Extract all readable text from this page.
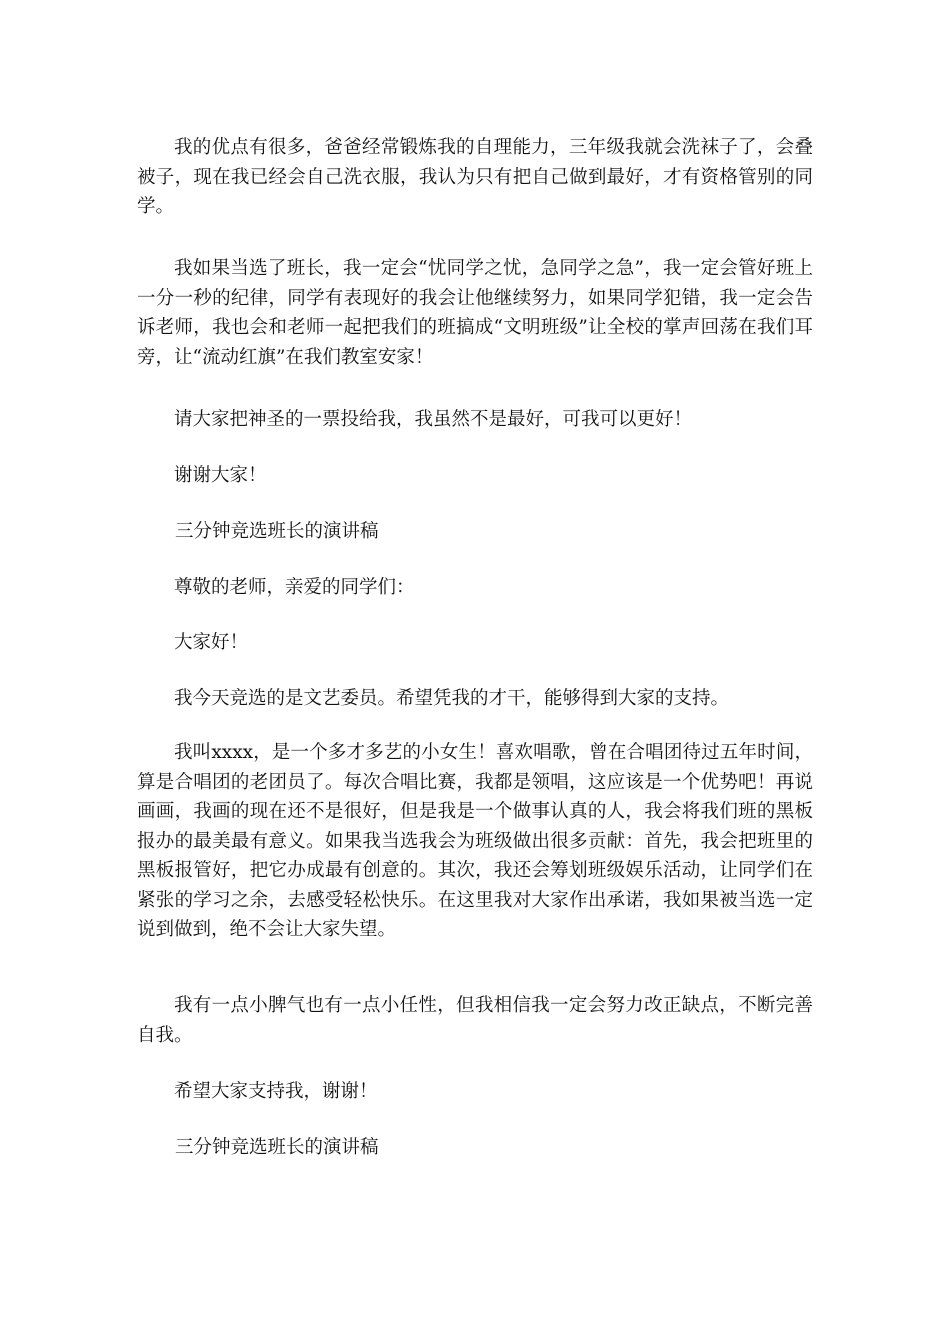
我的优点有很多，爸爸经常锻炼我的自理能力，三年级我就会洗袜子了，会叠被子，现在我已经会自己洗衣服，我认为只有把自己做到最好，才有资格管别的同学。

我如果当选了班长，我一定会“忧同学之忧，急同学之急”，我一定会管好班上一分一秒的纪律，同学有表现好的我会让他继续努力，如果同学犯错，我一定会告诉老师，我也会和老师一起把我们的班搞成“文明班级”让全校的掌声回荡在我们耳旁，让“流动红旗”在我们教室安家！

请大家把神圣的一票投给我，我虽然不是最好，可我可以更好！

谢谢大家！

三分钟竞选班长的演讲稿

尊敬的老师，亲爱的同学们：

大家好！

我今天竞选的是文艺委员。希望凭我的才干，能够得到大家的支持。

我叫xxxx，是一个多才多艺的小女生！喜欢唱歌，曾在合唱团待过五年时间，算是合唱团的老团员了。每次合唱比赛，我都是领唱，这应该是一个优势吧！再说画画，我画的现在还不是很好，但是我是一个做事认真的人，我会将我们班的黑板报办的最美最有意义。如果我当选我会为班级做出很多贡献：首先，我会把班里的黑板报管好，把它办成最有创意的。其次，我还会筹划班级娱乐活动，让同学们在紧张的学习之余，去感受轻松快乐。在这里我对大家作出承诺，我如果被当选一定说到做到，绝不会让大家失望。

我有一点小脾气也有一点小任性，但我相信我一定会努力改正缺点，不断完善自我。

希望大家支持我，谢谢！

三分钟竞选班长的演讲稿
